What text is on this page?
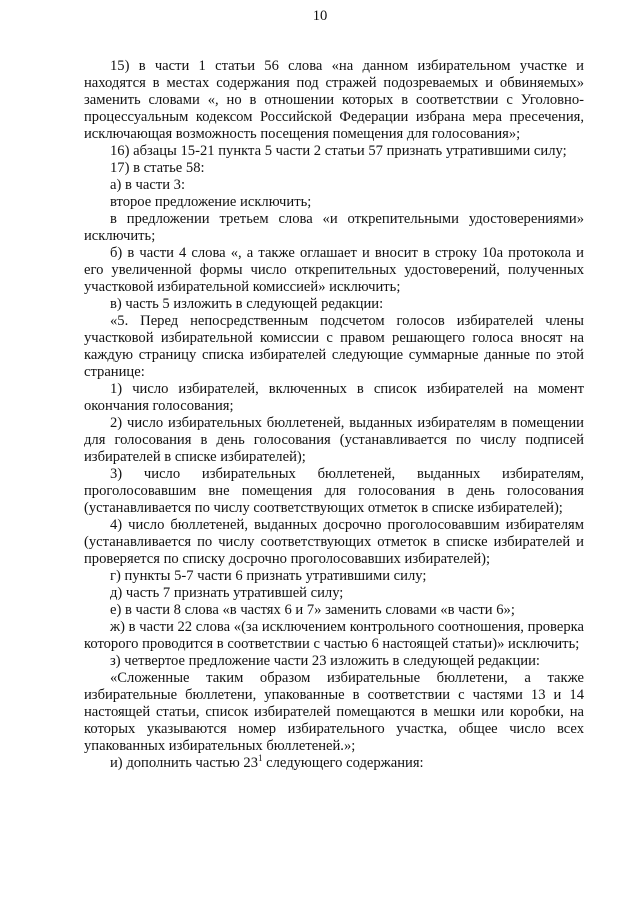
10

15) в части 1 статьи 56 слова «на данном избирательном участке и находятся в местах содержания под стражей подозреваемых и обвиняемых» заменить словами «, но в отношении которых в соответствии с Уголовно-процессуальным кодексом Российской Федерации избрана мера пресечения, исключающая возможность посещения помещения для голосования»;

16) абзацы 15-21 пункта 5 части 2 статьи 57 признать утратившими силу;

17) в статье 58:

а) в части 3:

второе предложение исключить;

в предложении третьем слова «и открепительными удостоверениями» исключить;

б) в части 4 слова «, а также оглашает и вносит в строку 10а протокола и его увеличенной формы число открепительных удостоверений, полученных участковой избирательной комиссией» исключить;

в) часть 5 изложить в следующей редакции:

«5. Перед непосредственным подсчетом голосов избирателей члены участковой избирательной комиссии с правом решающего голоса вносят на каждую страницу списка избирателей следующие суммарные данные по этой странице:

1) число избирателей, включенных в список избирателей на момент окончания голосования;

2) число избирательных бюллетеней, выданных избирателям в помещении для голосования в день голосования (устанавливается по числу подписей избирателей в списке избирателей);

3) число избирательных бюллетеней, выданных избирателям, проголосовавшим вне помещения для голосования в день голосования (устанавливается по числу соответствующих отметок в списке избирателей);

4) число бюллетеней, выданных досрочно проголосовавшим избирателям (устанавливается по числу соответствующих отметок в списке избирателей и проверяется по списку досрочно проголосовавших избирателей);

г) пункты 5-7 части 6 признать утратившими силу;

д) часть 7 признать утратившей силу;

е) в части 8 слова «в частях 6 и 7» заменить словами «в части 6»;

ж) в части 22 слова «(за исключением контрольного соотношения, проверка которого проводится в соответствии с частью 6 настоящей статьи)» исключить;

з) четвертое предложение части 23 изложить в следующей редакции:

«Сложенные таким образом избирательные бюллетени, а также избирательные бюллетени, упакованные в соответствии с частями 13 и 14 настоящей статьи, список избирателей помещаются в мешки или коробки, на которых указываются номер избирательного участка, общее число всех упакованных избирательных бюллетеней.»;

и) дополнить частью $23^1$ следующего содержания:
